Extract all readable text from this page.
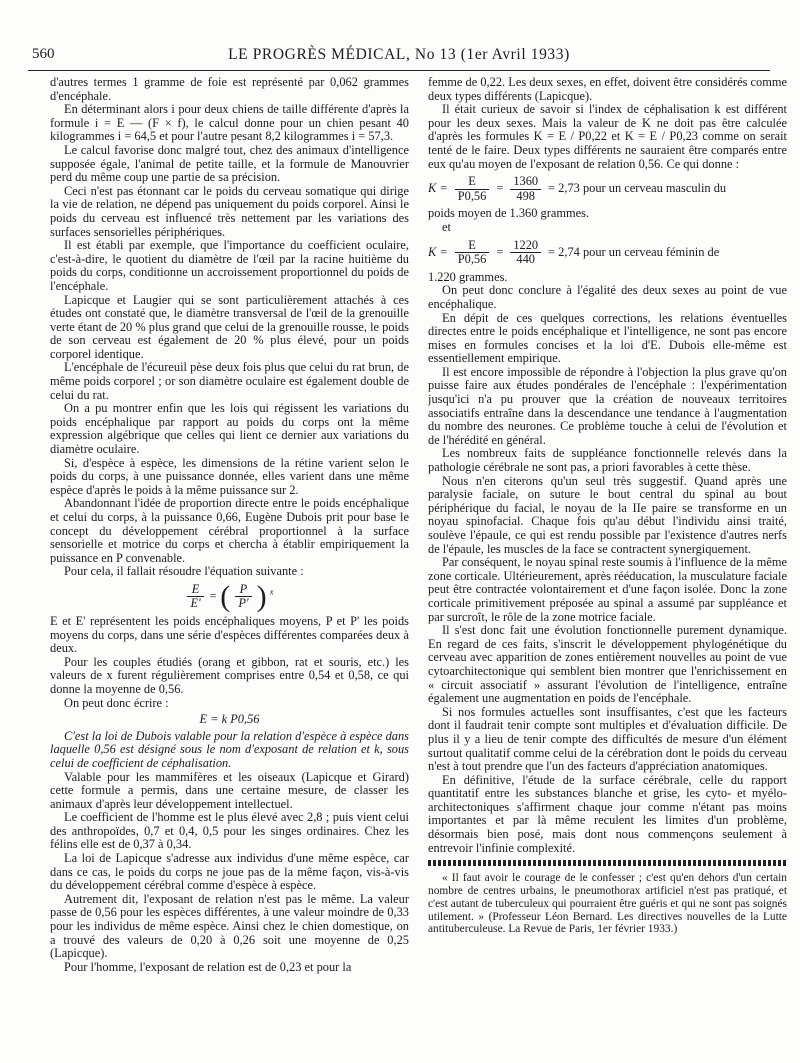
560	LE PROGRÈS MÉDICAL, No 13 (1er Avril 1933)

d'autres termes 1 gramme de foie est représenté par 0,062 grammes d'encéphale.

En déterminant alors i pour deux chiens de taille différente d'après la formule i = E — (F × f), le calcul donne pour un chien pesant 40 kilogrammes i = 64,5 et pour l'autre pesant 8,2 kilogrammes i = 57,3.

Le calcul favorise donc malgré tout, chez des animaux d'intelligence supposée égale, l'animal de petite taille, et la formule de Manouvrier perd du même coup une partie de sa précision.

Ceci n'est pas étonnant car le poids du cerveau somatique qui dirige la vie de relation, ne dépend pas uniquement du poids corporel. Ainsi le poids du cerveau est influencé très nettement par les variations des surfaces sensorielles périphériques.

Il est établi par exemple, que l'importance du coefficient oculaire, c'est-à-dire, le quotient du diamètre de l'œil par la racine huitième du poids du corps, conditionne un accroissement proportionnel du poids de l'encéphale.

Lapicque et Laugier qui se sont particulièrement attachés à ces études ont constaté que, le diamètre transversal de l'œil de la grenouille verte étant de 20 % plus grand que celui de la grenouille rousse, le poids de son cerveau est également de 20 % plus élevé, pour un poids corporel identique.

L'encéphale de l'écureuil pèse deux fois plus que celui du rat brun, de même poids corporel ; or son diamètre oculaire est également double de celui du rat.

On a pu montrer enfin que les lois qui régissent les variations du poids encéphalique par rapport au poids du corps ont la même expression algébrique que celles qui lient ce dernier aux variations du diamètre oculaire.

Si, d'espèce à espèce, les dimensions de la rétine varient selon le poids du corps, à une puissance donnée, elles varient dans une même espèce d'après le poids à la même puissance sur 2.

Abandonnant l'idée de proportion directe entre le poids encéphalique et celui du corps, à la puissance 0,66, Eugène Dubois prit pour base le concept du développement cérébral proportionnel à la surface sensorielle et motrice du corps et chercha à établir empiriquement la puissance en P convenable.

Pour cela, il fallait résoudre l'équation suivante :

$\frac{E}{E'}$ = ( $\frac{P}{P'}$ ) $^x$

E et E' représentent les poids encéphaliques moyens, P et P' les poids moyens du corps, dans une série d'espèces différentes comparées deux à deux.

Pour les couples étudiés (orang et gibbon, rat et souris, etc.) les valeurs de x furent régulièrement comprises entre 0,54 et 0,58, ce qui donne la moyenne de 0,56.

On peut donc écrire :

E = k P0,56

C'est la loi de Dubois valable pour la relation d'espèce à espèce dans laquelle 0,56 est désigné sous le nom d'exposant de relation et k, sous celui de coefficient de céphalisation.

Valable pour les mammifères et les oiseaux (Lapicque et Girard) cette formule a permis, dans une certaine mesure, de classer les animaux d'après leur développement intellectuel.

Le coefficient de l'homme est le plus élevé avec 2,8 ; puis vient celui des anthropoïdes, 0,7 et 0,4, 0,5 pour les singes ordinaires. Chez les félins elle est de 0,37 à 0,34.

La loi de Lapicque s'adresse aux individus d'une même espèce, car dans ce cas, le poids du corps ne joue pas de la même façon, vis-à-vis du développement cérébral comme d'espèce à espèce.

Autrement dit, l'exposant de relation n'est pas le même. La valeur passe de 0,56 pour les espèces différentes, à une valeur moindre de 0,33 pour les individus de même espèce. Ainsi chez le chien domestique, on a trouvé des valeurs de 0,20 à 0,26 soit une moyenne de 0,25 (Lapicque).

Pour l'homme, l'exposant de relation est de 0,23 et pour la

femme de 0,22. Les deux sexes, en effet, doivent être considérés comme deux types différents (Lapicque).

Il était curieux de savoir si l'index de céphalisation k est différent pour les deux sexes. Mais la valeur de K ne doit pas être calculée d'après les formules K = E / P0,22 et K = E / P0,23 comme on serait tenté de le faire. Deux types différents ne sauraient être comparés entre eux qu'au moyen de l'exposant de relation 0,56. Ce qui donne :

$K = \frac{E}{P0,56} = \frac{1360}{498} = 2,73$ pour un cerveau masculin du

poids moyen de 1.360 grammes.

et

$K = \frac{E}{P0,56} = \frac{1220}{440} = 2,74$ pour un cerveau féminin de

1.220 grammes.

On peut donc conclure à l'égalité des deux sexes au point de vue encéphalique.

En dépit de ces quelques corrections, les relations éventuelles directes entre le poids encéphalique et l'intelligence, ne sont pas encore mises en formules concises et la loi d'E. Dubois elle-même est essentiellement empirique.

Il est encore impossible de répondre à l'objection la plus grave qu'on puisse faire aux études pondérales de l'encéphale : l'expérimentation jusqu'ici n'a pu prouver que la création de nouveaux territoires associatifs entraîne dans la descendance une tendance à l'augmentation du nombre des neurones. Ce problème touche à celui de l'évolution et de l'hérédité en général.

Les nombreux faits de suppléance fonctionnelle relevés dans la pathologie cérébrale ne sont pas, a priori favorables à cette thèse.

Nous n'en citerons qu'un seul très suggestif. Quand après une paralysie faciale, on suture le bout central du spinal au bout périphérique du facial, le noyau de la IIe paire se transforme en un noyau spinofacial. Chaque fois qu'au début l'individu ainsi traité, soulève l'épaule, ce qui est rendu possible par l'existence d'autres nerfs de l'épaule, les muscles de la face se contractent synergiquement.

Par conséquent, le noyau spinal reste soumis à l'influence de la même zone corticale. Ultérieurement, après rééducation, la musculature faciale peut être contractée volontairement et d'une façon isolée. Donc la zone corticale primitivement préposée au spinal a assumé par suppléance et par surcroît, le rôle de la zone motrice faciale.

Il s'est donc fait une évolution fonctionnelle purement dynamique. En regard de ces faits, s'inscrit le développement phylogénétique du cerveau avec apparition de zones entièrement nouvelles au point de vue cytoarchitectonique qui semblent bien montrer que l'enrichissement en « circuit associatif » assurant l'évolution de l'intelligence, entraîne également une augmentation en poids de l'encéphale.

Si nos formules actuelles sont insuffisantes, c'est que les facteurs dont il faudrait tenir compte sont multiples et d'évaluation difficile. De plus il y a lieu de tenir compte des difficultés de mesure d'un élément surtout qualitatif comme celui de la cérébration dont le poids du cerveau n'est à tout prendre que l'un des facteurs d'appréciation anatomiques.

En définitive, l'étude de la surface cérébrale, celle du rapport quantitatif entre les substances blanche et grise, les cyto- et myélo-architectoniques s'affirment chaque jour comme n'étant pas moins importantes et par là même reculent les limites d'un problème, désormais bien posé, mais dont nous commençons seulement à entrevoir l'infinie complexité.

« Il faut avoir le courage de le confesser ; c'est qu'en dehors d'un certain nombre de centres urbains, le pneumothorax artificiel n'est pas pratiqué, et c'est autant de tuberculeux qui pourraient être guéris et qui ne sont pas soignés utilement. » (Professeur Léon Bernard. Les directives nouvelles de la Lutte antituberculeuse. La Revue de Paris, 1er février 1933.)
